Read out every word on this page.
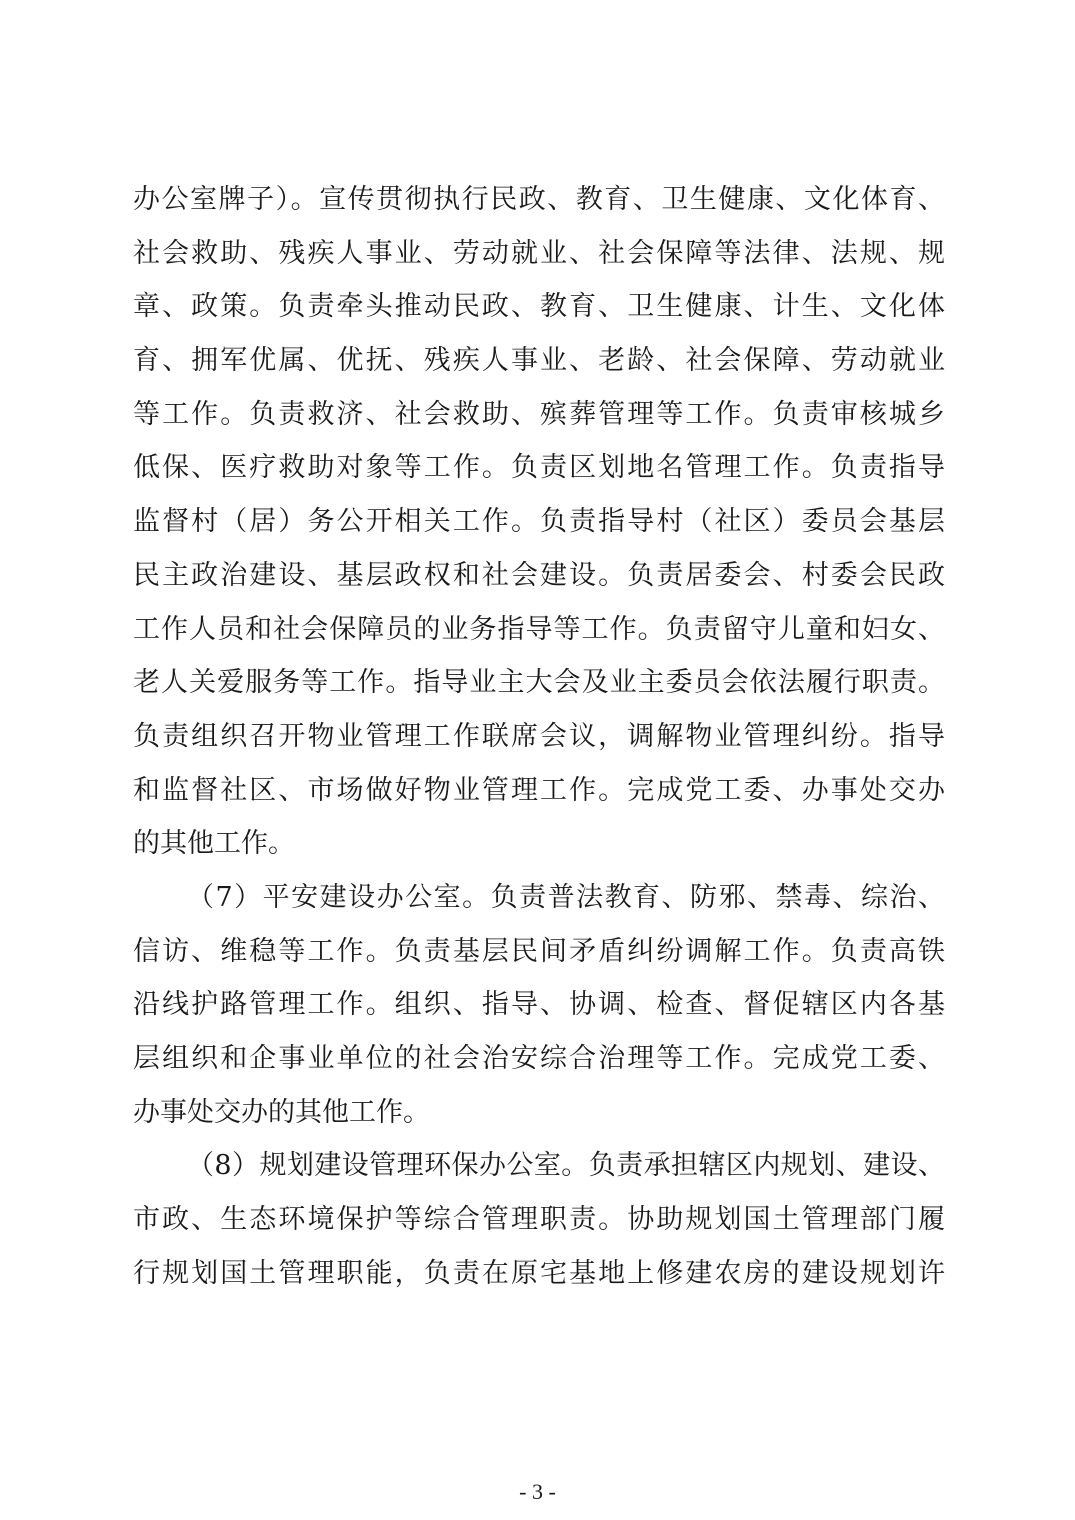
办公室牌子）。宣传贯彻执行民政、教育、卫生健康、文化体育、
社会救助、残疾人事业、劳动就业、社会保障等法律、法规、规
章、政策。负责牵头推动民政、教育、卫生健康、计生、文化体
育、拥军优属、优抚、残疾人事业、老龄、社会保障、劳动就业
等工作。负责救济、社会救助、殡葬管理等工作。负责审核城乡
低保、医疗救助对象等工作。负责区划地名管理工作。负责指导
监督村（居）务公开相关工作。负责指导村（社区）委员会基层
民主政治建设、基层政权和社会建设。负责居委会、村委会民政
工作人员和社会保障员的业务指导等工作。负责留守儿童和妇女、
老人关爱服务等工作。指导业主大会及业主委员会依法履行职责。
负责组织召开物业管理工作联席会议，调解物业管理纠纷。指导
和监督社区、市场做好物业管理工作。完成党工委、办事处交办
的其他工作。
（7）平安建设办公室。负责普法教育、防邪、禁毒、综治、
信访、维稳等工作。负责基层民间矛盾纠纷调解工作。负责高铁
沿线护路管理工作。组织、指导、协调、检查、督促辖区内各基
层组织和企事业单位的社会治安综合治理等工作。完成党工委、
办事处交办的其他工作。
（8）规划建设管理环保办公室。负责承担辖区内规划、建设、
市政、生态环境保护等综合管理职责。协助规划国土管理部门履
行规划国土管理职能，负责在原宅基地上修建农房的建设规划许
- 3 -
